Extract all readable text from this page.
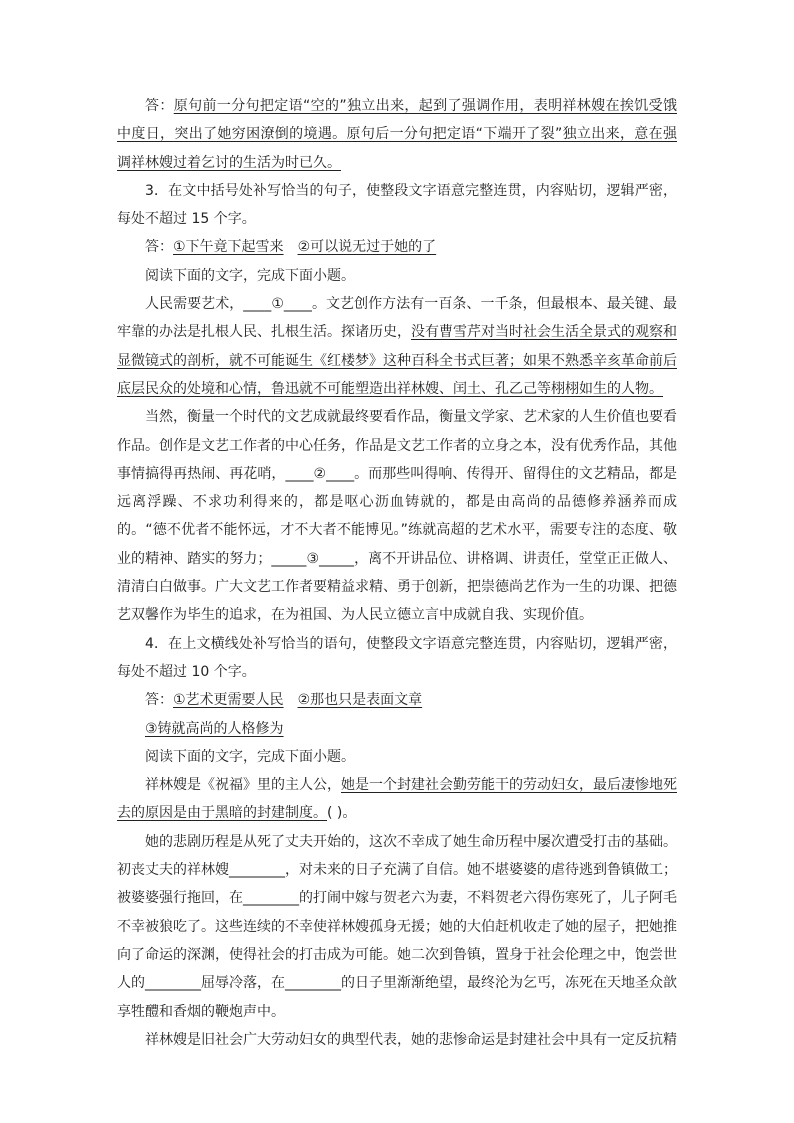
答：原句前一分句把定语“空的”独立出来，起到了强调作用，表明祥林嫂在挨饥受饿中度日，突出了她穷困潦倒的境遇。原句后一分句把定语“下端开了裂”独立出来，意在强调祥林嫂过着乞讨的生活为时已久。

3．在文中括号处补写恰当的句子，使整段文字语意完整连贯，内容贴切，逻辑严密，每处不超过 15 个字。

答：①下午竟下起雪来 ②可以说无过于她的了

阅读下面的文字，完成下面小题。

人民需要艺术，____①____。文艺创作方法有一百条、一千条，但最根本、最关键、最牢靠的办法是扎根人民、扎根生活。探诸历史，没有曹雪芹对当时社会生活全景式的观察和显微镜式的剖析，就不可能诞生《红楼梦》这种百科全书式巨著；如果不熟悉辛亥革命前后底层民众的处境和心情，鲁迅就不可能塑造出祥林嫂、闰土、孔乙己等栩栩如生的人物。

当然，衡量一个时代的文艺成就最终要看作品，衡量文学家、艺术家的人生价值也要看作品。创作是文艺工作者的中心任务，作品是文艺工作者的立身之本，没有优秀作品，其他事情搞得再热闹、再花哨，____②____。而那些叫得响、传得开、留得住的文艺精品，都是远离浮躁、不求功利得来的，都是呕心沥血铸就的，都是由高尚的品德修养涵养而成的。“德不优者不能怀远，才不大者不能博见。”练就高超的艺术水平，需要专注的态度、敬业的精神、踏实的努力；_____③_____，离不开讲品位、讲格调、讲责任，堂堂正正做人、清清白白做事。广大文艺工作者要精益求精、勇于创新，把崇德尚艺作为一生的功课、把德艺双馨作为毕生的追求，在为祖国、为人民立德立言中成就自我、实现价值。

4．在上文横线处补写恰当的语句，使整段文字语意完整连贯，内容贴切，逻辑严密，每处不超过 10 个字。

答：①艺术更需要人民 ②那也只是表面文章

③铸就高尚的人格修为

阅读下面的文字，完成下面小题。

祥林嫂是《祝福》里的主人公，她是一个封建社会勤劳能干的劳动妇女，最后凄惨地死去的原因是由于黑暗的封建制度。( )。

她的悲剧历程是从死了丈夫开始的，这次不幸成了她生命历程中屡次遭受打击的基础。初丧丈夫的祥林嫂________，对未来的日子充满了自信。她不堪婆婆的虐待逃到鲁镇做工；被婆婆强行拖回，在________的打闹中嫁与贺老六为妻，不料贺老六得伤寒死了，儿子阿毛不幸被狼吃了。这些连续的不幸使祥林嫂孤身无援；她的大伯赶机收走了她的屋子，把她推向了命运的深渊，使得社会的打击成为可能。她二次到鲁镇，置身于社会伦理之中，饱尝世人的________屈辱冷落，在________的日子里渐渐绝望，最终沦为乞丐，冻死在天地圣众歆享牲醴和香烟的鞭炮声中。

祥林嫂是旧社会广大劳动妇女的典型代表，她的悲惨命运是封建社会中具有一定反抗精
